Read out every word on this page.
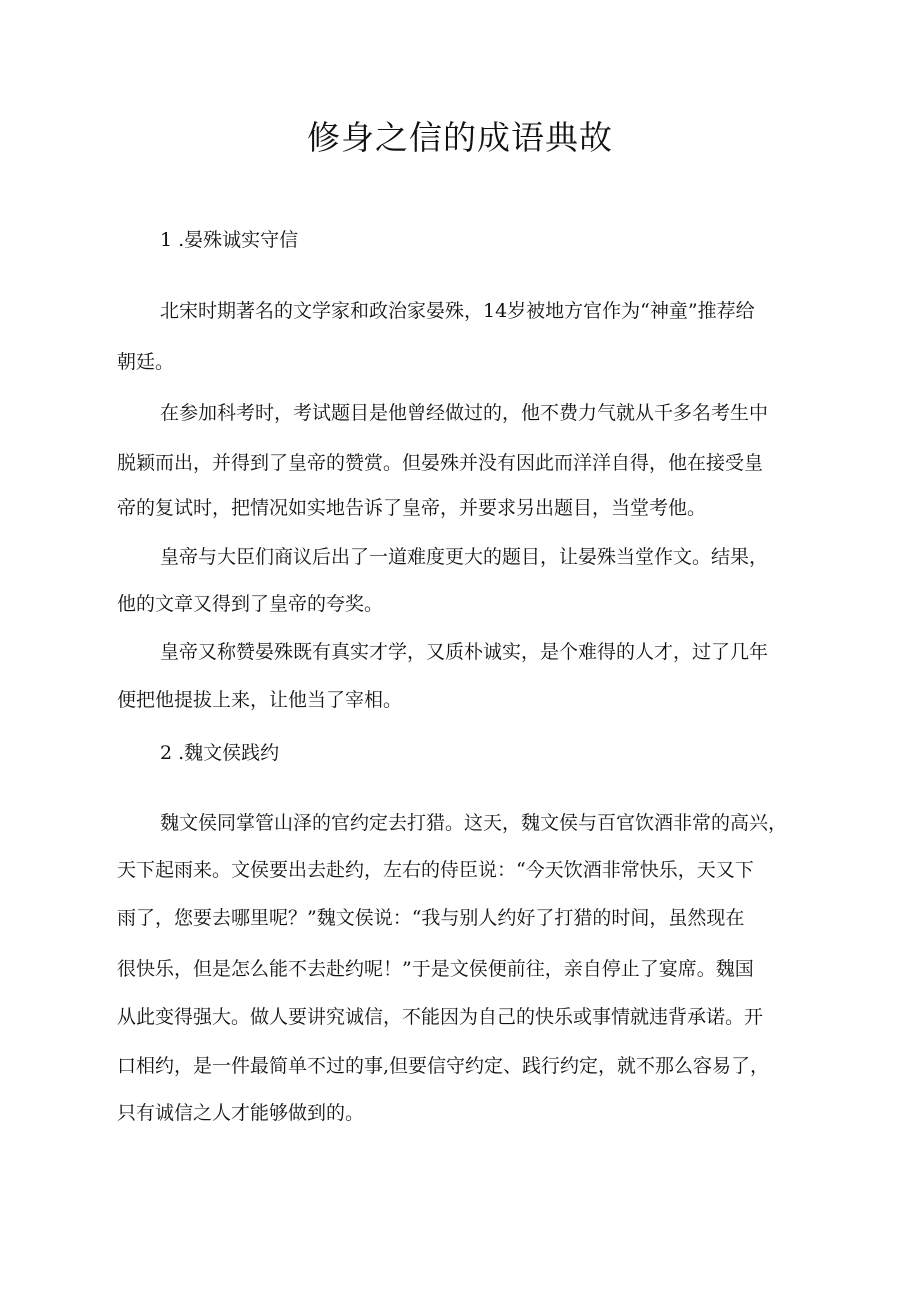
修身之信的成语典故

1 .晏殊诚实守信

北宋时期著名的文学家和政治家晏殊，14岁被地方官作为“神童”推荐给

朝廷。

在参加科考时，考试题目是他曾经做过的，他不费力气就从千多名考生中

脱颖而出，并得到了皇帝的赞赏。但晏殊并没有因此而洋洋自得，他在接受皇

帝的复试时，把情况如实地告诉了皇帝，并要求另出题目，当堂考他。

皇帝与大臣们商议后出了一道难度更大的题目，让晏殊当堂作文。结果，

他的文章又得到了皇帝的夸奖。

皇帝又称赞晏殊既有真实才学，又质朴诚实，是个难得的人才，过了几年

便把他提拔上来，让他当了宰相。

2 .魏文侯践约

魏文侯同掌管山泽的官约定去打猎。这天，魏文侯与百官饮酒非常的高兴，

天下起雨来。文侯要出去赴约，左右的侍臣说：“今天饮酒非常快乐，天又下

雨了，您要去哪里呢？”魏文侯说：“我与别人约好了打猎的时间，虽然现在

很快乐，但是怎么能不去赴约呢！”于是文侯便前往，亲自停止了宴席。魏国

从此变得强大。做人要讲究诚信，不能因为自己的快乐或事情就违背承诺。开

口相约，是一件最简单不过的事,但要信守约定、践行约定，就不那么容易了，

只有诚信之人才能够做到的。
